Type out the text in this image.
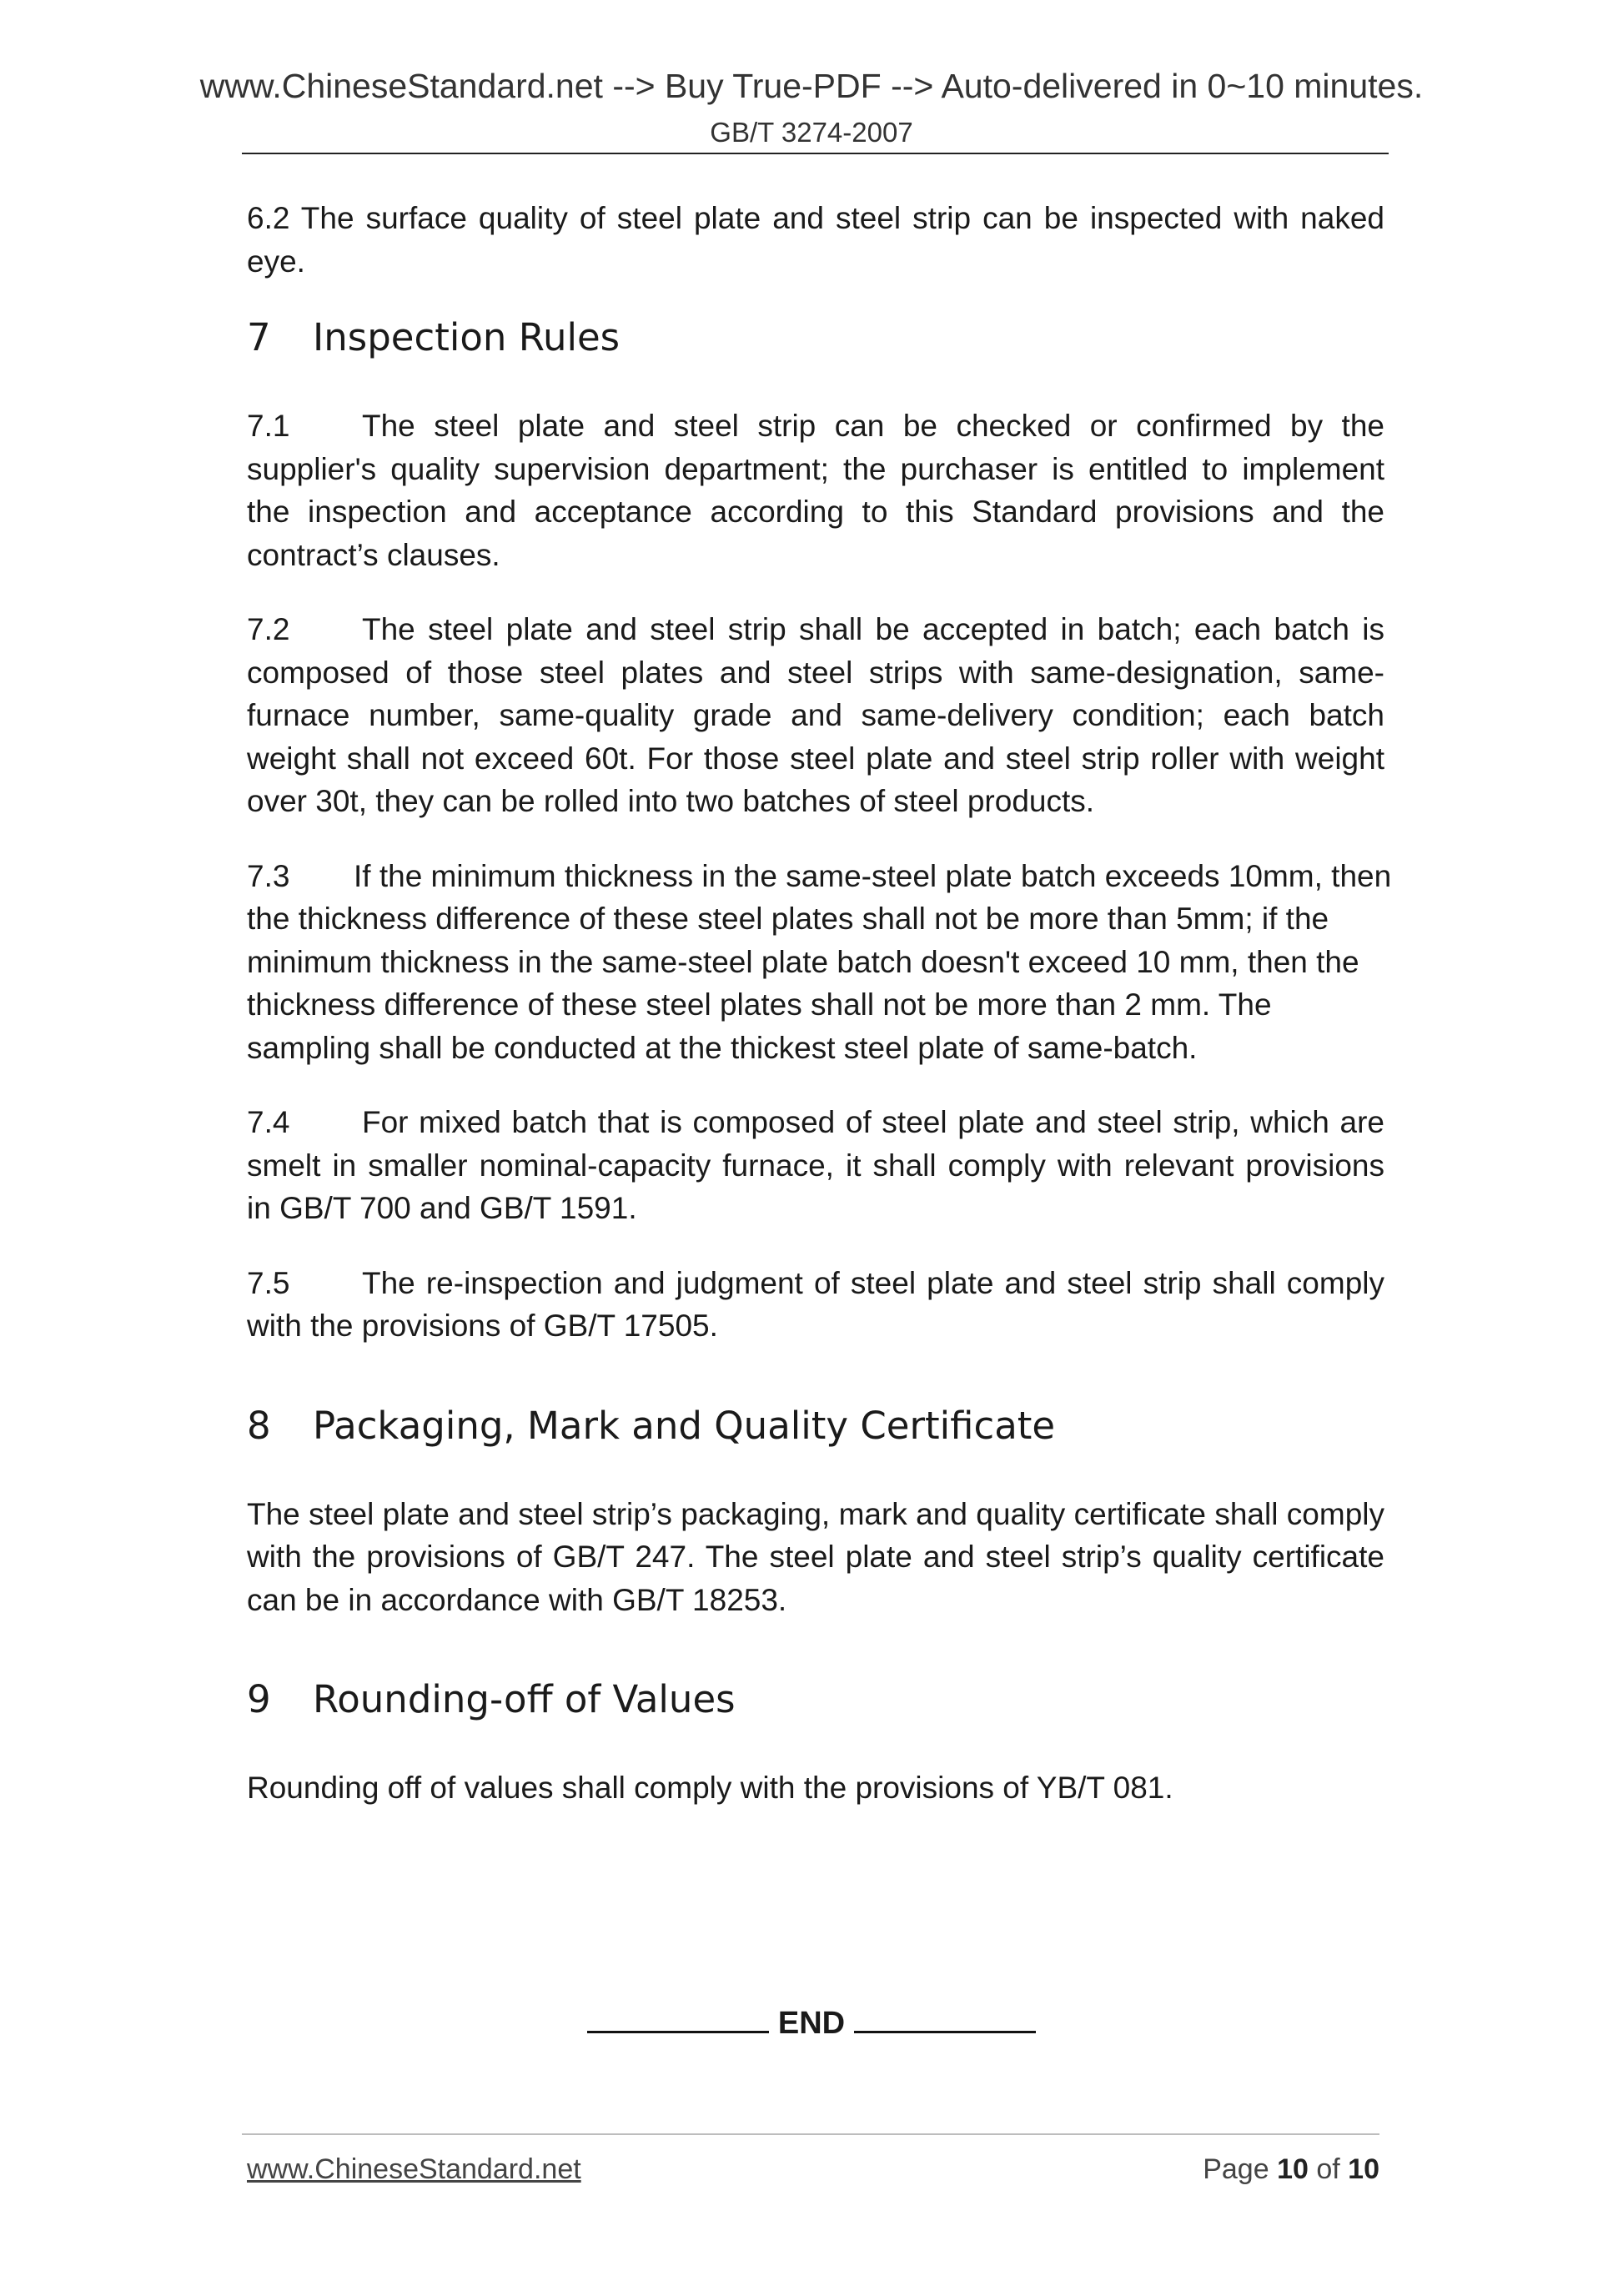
www.ChineseStandard.net --> Buy True-PDF --> Auto-delivered in 0~10 minutes.
GB/T 3274-2007

6.2 The surface quality of steel plate and steel strip can be inspected with naked eye.

7 Inspection Rules

7.1 The steel plate and steel strip can be checked or confirmed by the supplier's quality supervision department; the purchaser is entitled to implement the inspection and acceptance according to this Standard provisions and the contract’s clauses.

7.2 The steel plate and steel strip shall be accepted in batch; each batch is composed of those steel plates and steel strips with same-designation, same-furnace number, same-quality grade and same-delivery condition; each batch weight shall not exceed 60t. For those steel plate and steel strip roller with weight over 30t, they can be rolled into two batches of steel products.

7.3 If the minimum thickness in the same-steel plate batch exceeds 10mm, then the thickness difference of these steel plates shall not be more than 5mm; if the minimum thickness in the same-steel plate batch doesn't exceed 10 mm, then the thickness difference of these steel plates shall not be more than 2 mm. The sampling shall be conducted at the thickest steel plate of same-batch.

7.4 For mixed batch that is composed of steel plate and steel strip, which are smelt in smaller nominal-capacity furnace, it shall comply with relevant provisions in GB/T 700 and GB/T 1591.

7.5 The re-inspection and judgment of steel plate and steel strip shall comply with the provisions of GB/T 17505.

8 Packaging, Mark and Quality Certificate

The steel plate and steel strip’s packaging, mark and quality certificate shall comply with the provisions of GB/T 247. The steel plate and steel strip’s quality certificate can be in accordance with GB/T 18253.

9 Rounding-off of Values

Rounding off of values shall comply with the provisions of YB/T 081.

END
www.ChineseStandard.net	Page 10 of 10
